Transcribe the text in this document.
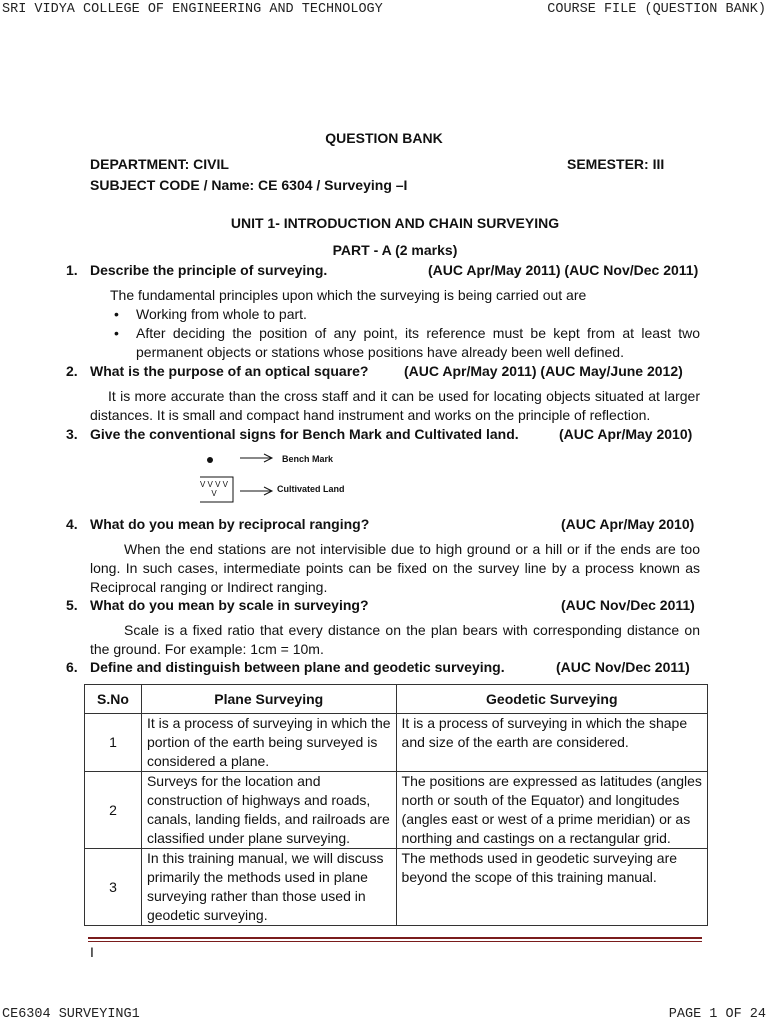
SRI VIDYA COLLEGE OF ENGINEERING AND TECHNOLOGY	COURSE FILE (QUESTION BANK)
QUESTION BANK
DEPARTMENT: CIVIL	SEMESTER: III
SUBJECT CODE / Name: CE 6304 / Surveying –I
UNIT 1- INTRODUCTION AND CHAIN SURVEYING
PART - A (2 marks)
1. Describe the principle of surveying.	(AUC Apr/May 2011) (AUC Nov/Dec 2011)
The fundamental principles upon which the surveying is being carried out are
• Working from whole to part.
• After deciding the position of any point, its reference must be kept from at least two permanent objects or stations whose positions have already been well defined.
2. What is the purpose of an optical square?	(AUC Apr/May 2011) (AUC May/June 2012)
It is more accurate than the cross staff and it can be used for locating objects situated at larger distances. It is small and compact hand instrument and works on the principle of reflection.
3. Give the conventional signs for Bench Mark and Cultivated land.	(AUC Apr/May 2010)
V V V V V
Bench Mark
Cultivated Land
4. What do you mean by reciprocal ranging?	(AUC Apr/May 2010)
When the end stations are not intervisible due to high ground or a hill or if the ends are too long. In such cases, intermediate points can be fixed on the survey line by a process known as Reciprocal ranging or Indirect ranging.
5. What do you mean by scale in surveying?	(AUC Nov/Dec 2011)
Scale is a fixed ratio that every distance on the plan bears with corresponding distance on the ground. For example: 1cm = 10m.
6. Define and distinguish between plane and geodetic surveying.	(AUC Nov/Dec 2011)
S.No	Plane Surveying	Geodetic Surveying
1	It is a process of surveying in which the portion of the earth being surveyed is considered a plane.	It is a process of surveying in which the shape and size of the earth are considered.
2	Surveys for the location and construction of highways and roads, canals, landing fields, and railroads are classified under plane surveying.	The positions are expressed as latitudes (angles north or south of the Equator) and longitudes (angles east or west of a prime meridian) or as northing and castings on a rectangular grid.
3	In this training manual, we will discuss primarily the methods used in plane surveying rather than those used in geodetic surveying.	The methods used in geodetic surveying are beyond the scope of this training manual.
I
CE6304 SURVEYING1	PAGE 1 OF 24
